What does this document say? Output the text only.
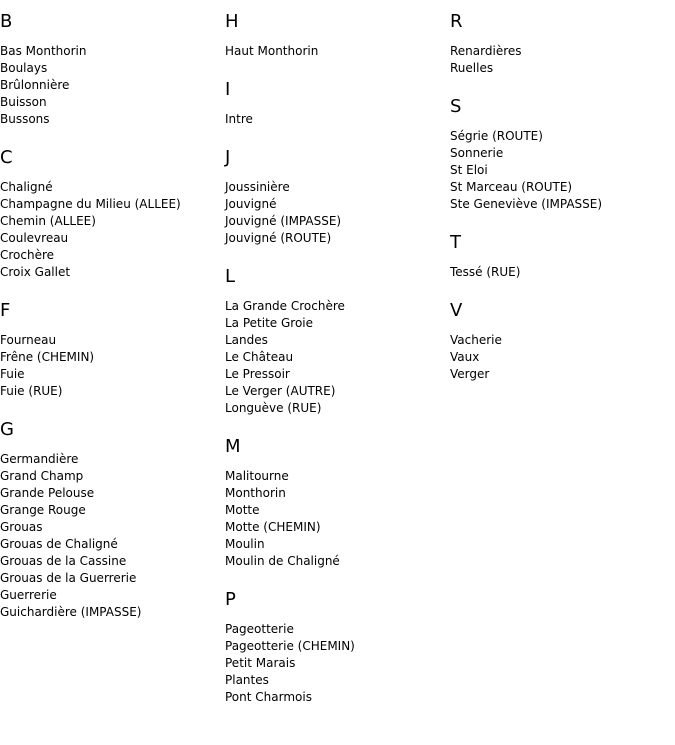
B
Bas Monthorin
Boulays
Brûlonnière
Buisson
Bussons
C
Chaligné
Champagne du Milieu (ALLEE)
Chemin (ALLEE)
Coulevreau
Crochère
Croix Gallet
F
Fourneau
Frêne (CHEMIN)
Fuie
Fuie (RUE)
G
Germandière
Grand Champ
Grande Pelouse
Grange Rouge
Grouas
Grouas de Chaligné
Grouas de la Cassine
Grouas de la Guerrerie
Guerrerie
Guichardière (IMPASSE)
H
Haut Monthorin
I
Intre
J
Joussinière
Jouvigné
Jouvigné (IMPASSE)
Jouvigné (ROUTE)
L
La Grande Crochère
La Petite Groie
Landes
Le Château
Le Pressoir
Le Verger (AUTRE)
Longuève (RUE)
M
Malitourne
Monthorin
Motte
Motte (CHEMIN)
Moulin
Moulin de Chaligné
P
Pageotterie
Pageotterie (CHEMIN)
Petit Marais
Plantes
Pont Charmois
R
Renardières
Ruelles
S
Ségrie (ROUTE)
Sonnerie
St Eloi
St Marceau (ROUTE)
Ste Geneviève (IMPASSE)
T
Tessé (RUE)
V
Vacherie
Vaux
Verger
